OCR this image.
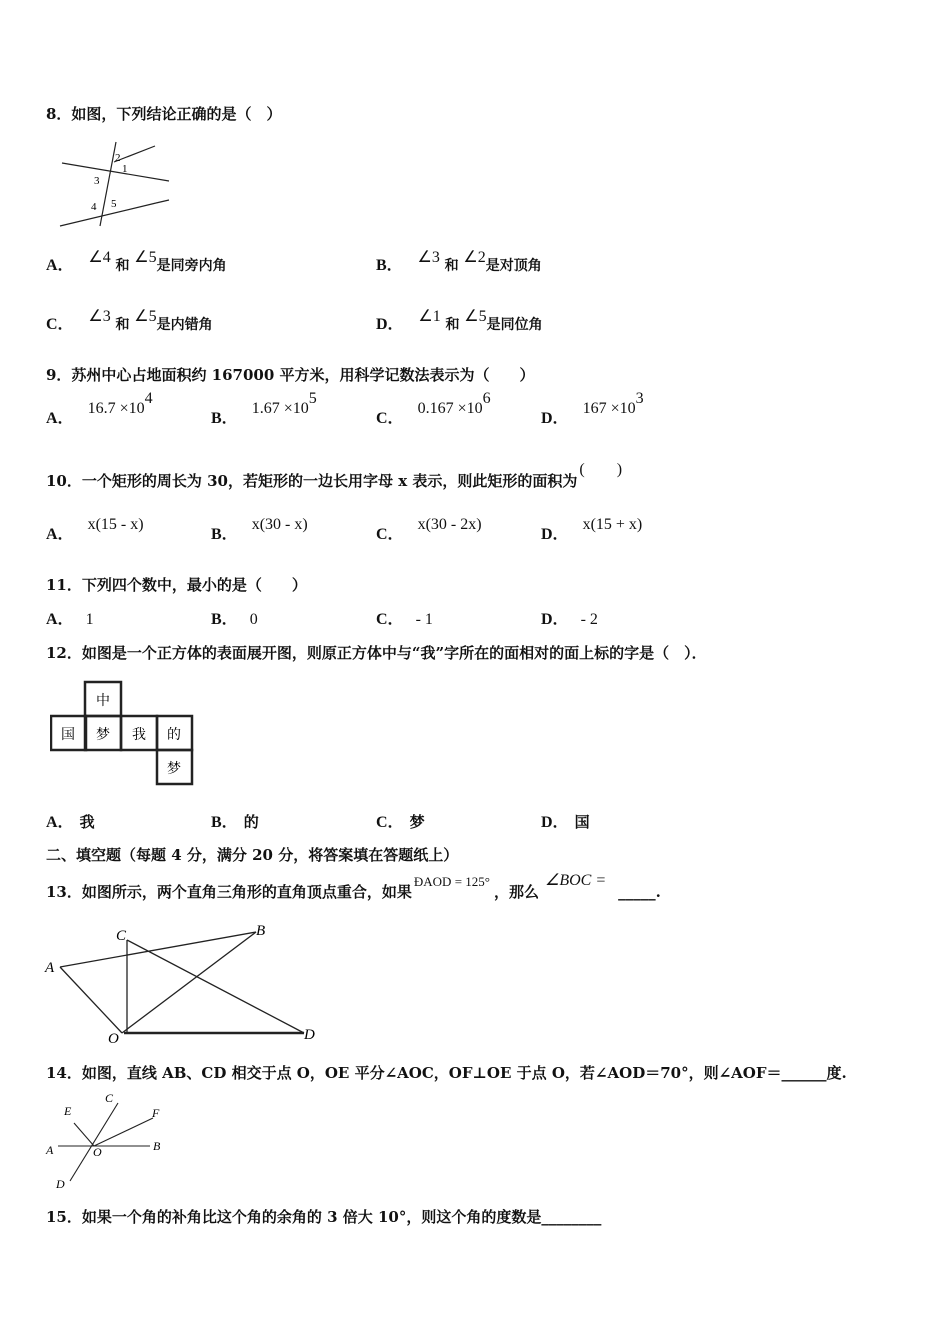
8．如图，下列结论正确的是（　）
2
1
3
4 5
A． ∠4 和 ∠5是同旁内角	B． ∠3 和 ∠2是对顶角
C． ∠3 和 ∠5是内错角	D． ∠1 和 ∠5是同位角
9．苏州中心占地面积约 167000 平方米，用科学记数法表示为（　　）
A．$16.7 \times 10^4$
B．$1.67 \times 10^5$
C．$0.167 \times 10^6$
D．$167 \times 10^3$
10．一个矩形的周长为 30，若矩形的一边长用字母 x 表示，则此矩形的面积为(　　)
A．x(15 - x)
B．x(30 - x)
C．x(30 - 2x)
D．x(15 + x)
11．下列四个数中，最小的是（　　）
A． 1	B． 0	C． - 1	D． - 2
12．如图是一个正方体的表面展开图，则原正方体中与“我”字所在的面相对的面上标的字是（　）．
中
国 梦 我 的
梦
A． 我	B． 的	C． 梦	D． 国
二、填空题（每题 4 分，满分 20 分，将答案填在答题纸上）
13．如图所示，两个直角三角形的直角顶点重合，如果ÐAOD = 125°，那么∠BOC =_____.
C	B
A
O	D
14．如图，直线 AB、CD 相交于点 O，OE 平分∠AOC，OF⊥OE 于点 O，若∠AOD＝70°，则∠AOF＝______度.
E
C
F
A	O	B
D
15．如果一个角的补角比这个角的余角的 3 倍大 10°，则这个角的度数是________
